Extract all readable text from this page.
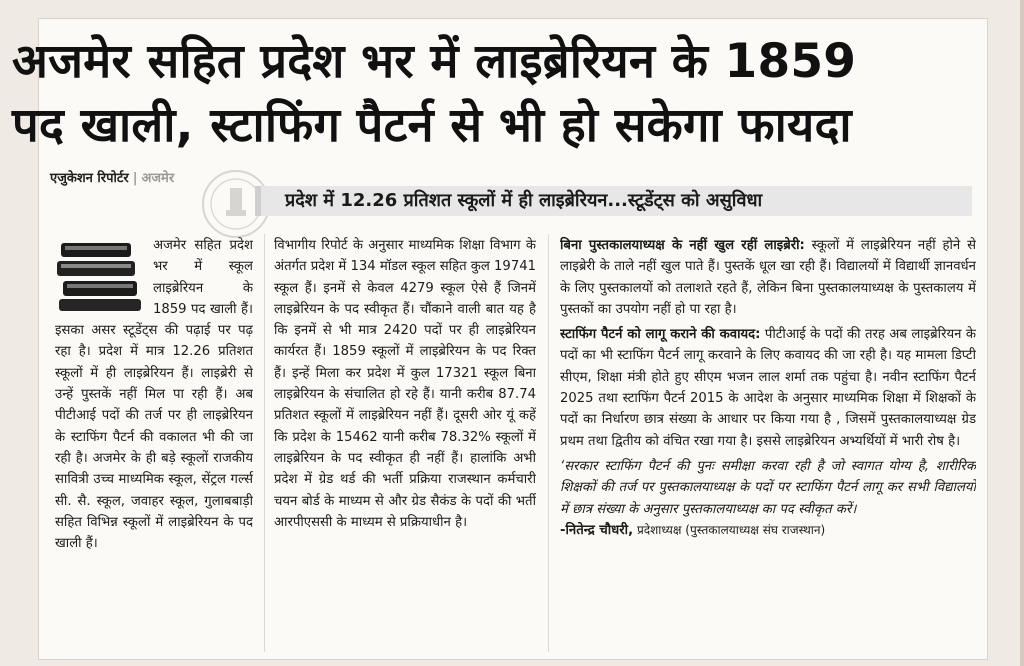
अजमेर सहित प्रदेश भर में लाइब्रेरियन के 1859
पद खाली, स्टाफिंग पैटर्न से भी हो सकेगा फायदा
एजुकेशन रिपोर्टर | अजमेर
प्रदेश में 12.26 प्रतिशत स्कूलों में ही लाइब्रेरियन...स्टूडेंट्स को असुविधा

अजमेर सहित प्रदेश भर में स्कूल लाइब्रेरियन के 1859 पद खाली हैं। इसका असर स्टूडेंट्स की पढ़ाई पर पढ़ रहा है। प्रदेश में मात्र 12.26 प्रतिशत स्कूलों में ही लाइब्रेरियन हैं। लाइब्रेरी से उन्हें पुस्तकें नहीं मिल पा रही हैं। अब पीटीआई पदों की तर्ज पर ही लाइब्रेरियन के स्टाफिंग पैटर्न की वकालत भी की जा रही है। अजमेर के ही बड़े स्कूलों राजकीय सावित्री उच्च माध्यमिक स्कूल, सेंट्रल गर्ल्स सी. सै. स्कूल, जवाहर स्कूल, गुलाबबाड़ी सहित विभिन्न स्कूलों में लाइब्रेरियन के पद खाली हैं।

विभागीय रिपोर्ट के अनुसार माध्यमिक शिक्षा विभाग के अंतर्गत प्रदेश में 134 मॉडल स्कूल सहित कुल 19741 स्कूल हैं। इनमें से केवल 4279 स्कूल ऐसे हैं जिनमें लाइब्रेरियन के पद स्वीकृत हैं। चौंकाने वाली बात यह है कि इनमें से भी मात्र 2420 पदों पर ही लाइब्रेरियन कार्यरत हैं। 1859 स्कूलों में लाइब्रेरियन के पद रिक्त हैं। इन्हें मिला कर प्रदेश में कुल 17321 स्कूल बिना लाइब्रेरियन के संचालित हो रहे हैं। यानी करीब 87.74 प्रतिशत स्कूलों में लाइब्रेरियन नहीं हैं। दूसरी ओर यूं कहें कि प्रदेश के 15462 यानी करीब 78.32% स्कूलों में लाइब्रेरियन के पद स्वीकृत ही नहीं हैं। हालांकि अभी प्रदेश में ग्रेड थर्ड की भर्ती प्रक्रिया राजस्थान कर्मचारी चयन बोर्ड के माध्यम से और ग्रेड सैकंड के पदों की भर्ती आरपीएससी के माध्यम से प्रक्रियाधीन है।

बिना पुस्तकालयाध्यक्ष के नहीं खुल रहीं लाइब्रेरी: स्कूलों में लाइब्रेरियन नहीं होने से लाइब्रेरी के ताले नहीं खुल पाते हैं। पुस्तकें धूल खा रही हैं। विद्यालयों में विद्यार्थी ज्ञानवर्धन के लिए पुस्तकालयों को तलाशते रहते हैं, लेकिन बिना पुस्तकालयाध्यक्ष के पुस्तकालय में पुस्तकों का उपयोग नहीं हो पा रहा है।

स्टाफिंग पैटर्न को लागू कराने की कवायद: पीटीआई के पदों की तरह अब लाइब्रेरियन के पदों का भी स्टाफिंग पैटर्न लागू करवाने के लिए कवायद की जा रही है। यह मामला डिप्टी सीएम, शिक्षा मंत्री होते हुए सीएम भजन लाल शर्मा तक पहुंचा है। नवीन स्टाफिंग पैटर्न 2025 तथा स्टाफिंग पैटर्न 2015 के आदेश के अनुसार माध्यमिक शिक्षा में शिक्षकों के पदों का निर्धारण छात्र संख्या के आधार पर किया गया है , जिसमें पुस्तकालयाध्यक्ष ग्रेड प्रथम तथा द्वितीय को वंचित रखा गया है। इससे लाइब्रेरियन अभ्यर्थियों में भारी रोष है।

‘सरकार स्टाफिंग पैटर्न की पुनः समीक्षा करवा रही है जो स्वागत योग्य है, शारीरिक शिक्षकों की तर्ज पर पुस्तकालयाध्यक्ष के पदों पर स्टाफिंग पैटर्न लागू कर सभी विद्यालयों में छात्र संख्या के अनुसार पुस्तकालयाध्यक्ष का पद स्वीकृत करें।

-नितेन्द्र चौधरी, प्रदेशाध्यक्ष (पुस्तकालयाध्यक्ष संघ राजस्थान)
